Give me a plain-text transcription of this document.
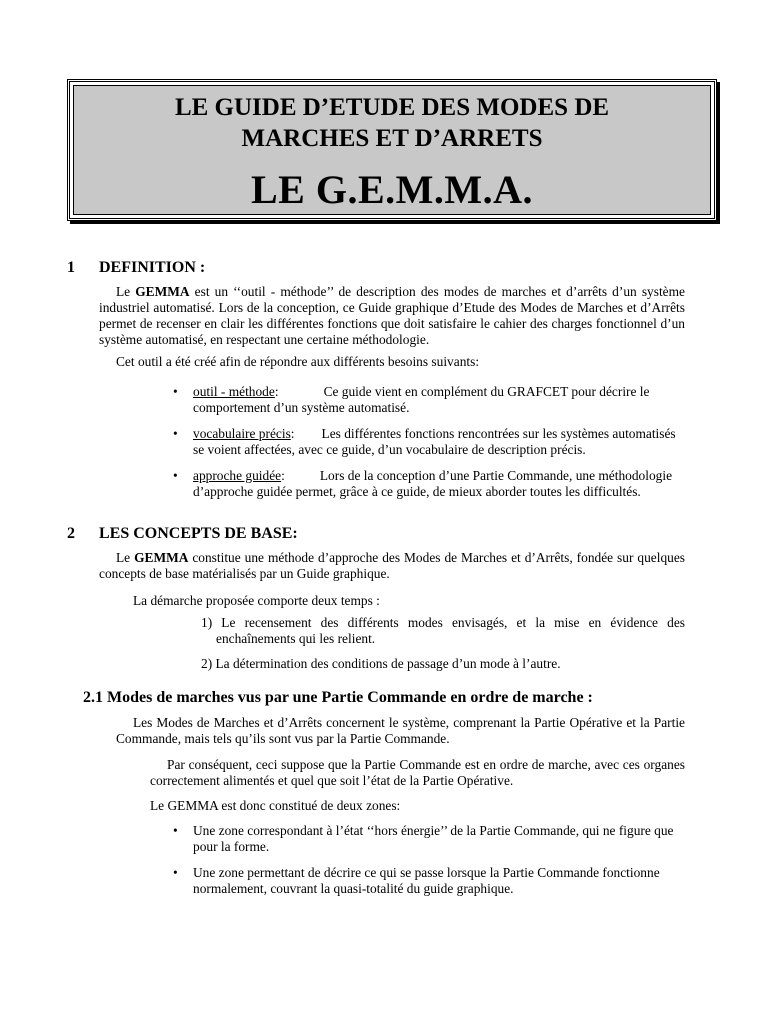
LE GUIDE D’ETUDE DES MODES DE
MARCHES ET D’ARRETS
LE G.E.M.M.A.
1 DEFINITION :

Le GEMMA est un ‘‘outil - méthode’’ de description des modes de marches et d’arrêts d’un système industriel automatisé. Lors de la conception, ce Guide graphique d’Etude des Modes de Marches et d’Arrêts permet de recenser en clair les différentes fonctions que doit satisfaire le cahier des charges fonctionnel d’un système automatisé, en respectant une certaine méthodologie.

Cet outil a été créé afin de répondre aux différents besoins suivants:

• outil - méthode:	Ce guide vient en complément du GRAFCET pour décrire le
comportement d’un système automatisé.
• vocabulaire précis: Les différentes fonctions rencontrées sur les systèmes automatisés
se voient affectées, avec ce guide, d’un vocabulaire de description précis.
• approche guidée:	Lors de la conception d’une Partie Commande, une méthodologie
d’approche guidée permet, grâce à ce guide, de mieux aborder toutes les difficultés.
2 LES CONCEPTS DE BASE:

Le GEMMA constitue une méthode d’approche des Modes de Marches et d’Arrêts, fondée sur quelques concepts de base matérialisés par un Guide graphique.

La démarche proposée comporte deux temps :

1) Le recensement des différents modes envisagés, et la mise en évidence des enchaînements qui les relient.

2) La détermination des conditions de passage d’un mode à l’autre.

2.1 Modes de marches vus par une Partie Commande en ordre de marche :

Les Modes de Marches et d’Arrêts concernent le système, comprenant la Partie Opérative et la Partie Commande, mais tels qu’ils sont vus par la Partie Commande.

Par conséquent, ceci suppose que la Partie Commande est en ordre de marche, avec ces organes correctement alimentés et quel que soit l’état de la Partie Opérative.

Le GEMMA est donc constitué de deux zones:

• Une zone correspondant à l’état ‘‘hors énergie’’ de la Partie Commande, qui ne figure que pour la forme.

• Une zone permettant de décrire ce qui se passe lorsque la Partie Commande fonctionne normalement, couvrant la quasi-totalité du guide graphique.
